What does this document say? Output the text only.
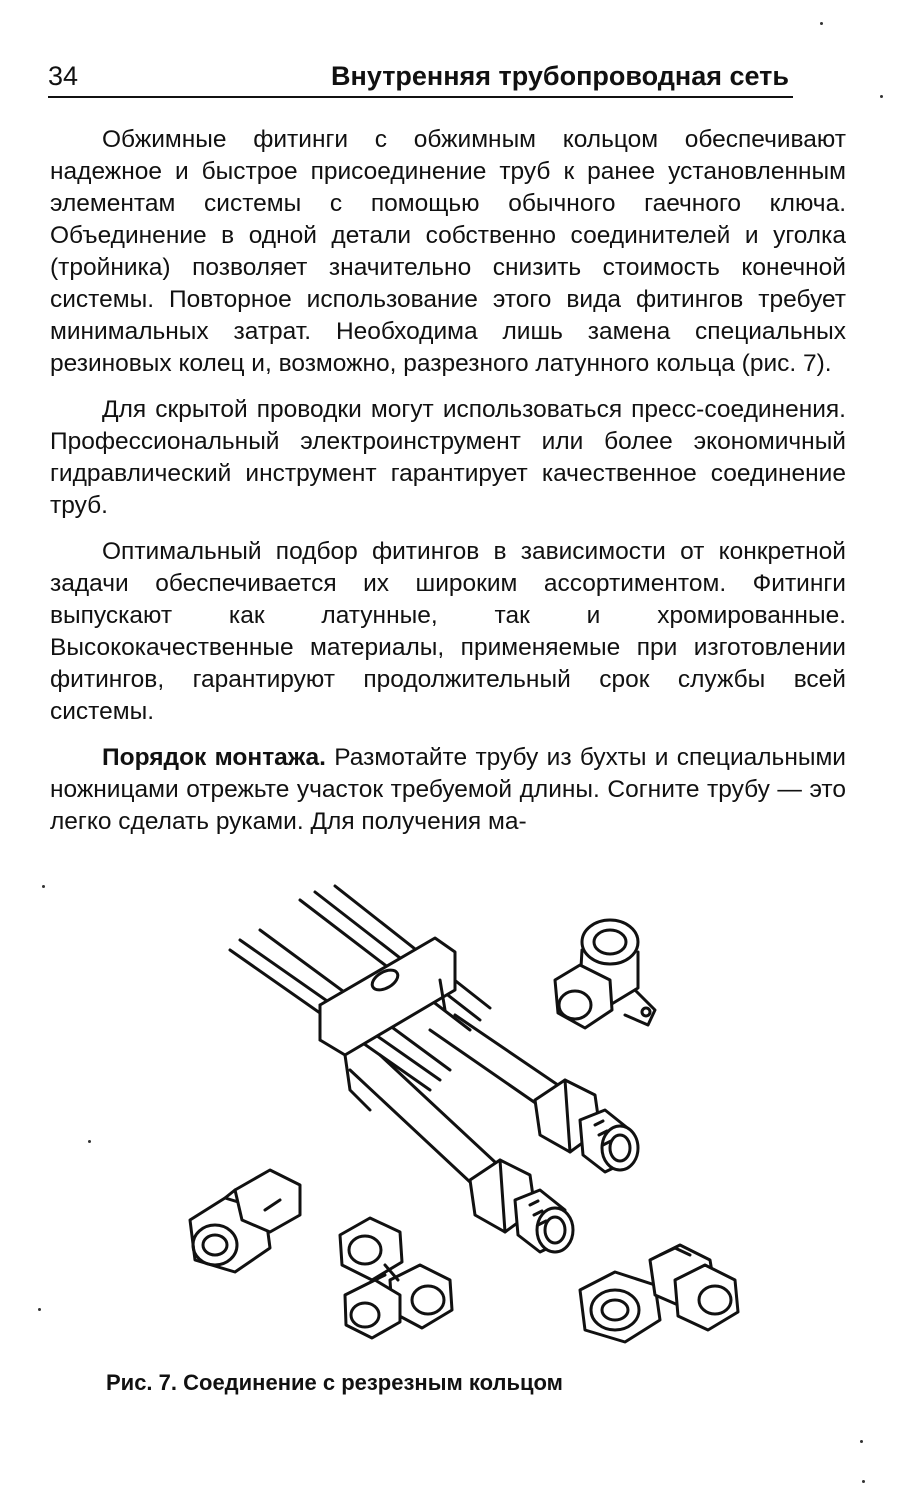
34	Внутренняя трубопроводная сеть

Обжимные фитинги с обжимным кольцом обеспечивают надежное и быстрое присоединение труб к ранее установленным элементам системы с помощью обычного гаечного ключа. Объединение в одной детали собственно соединителей и уголка (тройника) позволяет значительно снизить стоимость конечной системы. Повторное использование этого вида фитингов требует минимальных затрат. Необходима лишь замена специальных резиновых колец и, возможно, разрезного латунного кольца (рис. 7).

Для скрытой проводки могут использоваться пресс-соединения. Профессиональный электроинструмент или более экономичный гидравлический инструмент гарантирует качественное соединение труб.

Оптимальный подбор фитингов в зависимости от конкретной задачи обеспечивается их широким ассортиментом. Фитинги выпускают как латунные, так и хромированные. Высококачественные материалы, применяемые при изготовлении фитингов, гарантируют продолжительный срок службы всей системы.

Порядок монтажа. Размотайте трубу из бухты и специальными ножницами отрежьте участок требуемой длины. Согните трубу — это легко сделать руками. Для получения ма-

Рис. 7. Соединение с резрезным кольцом
